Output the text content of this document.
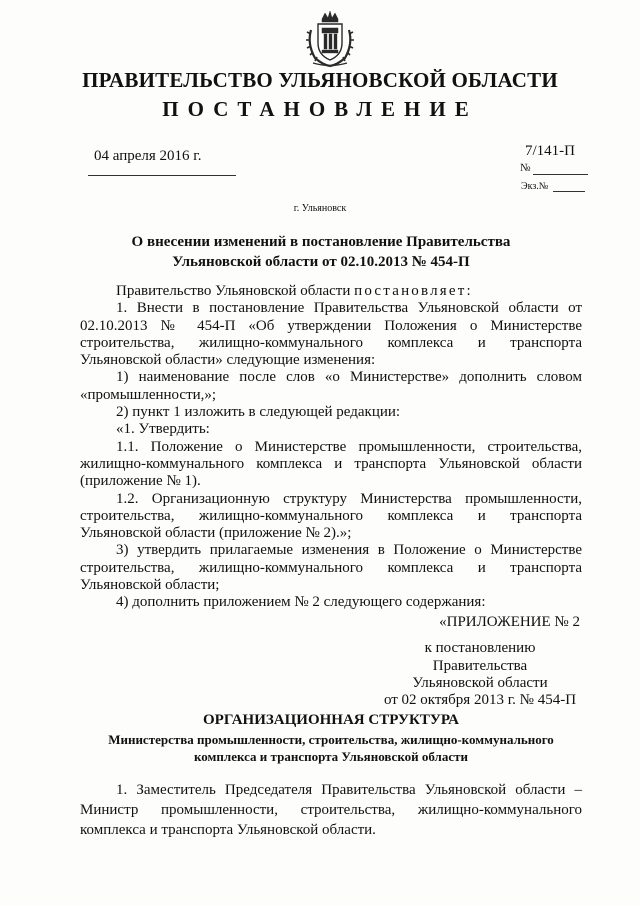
ПРАВИТЕЛЬСТВО УЛЬЯНОВСКОЙ ОБЛАСТИ
ПОСТАНОВЛЕНИЕ
04 апреля 2016 г.	7/141-П
№
Экз.№
г. Ульяновск
О внесении изменений в постановление Правительства
Ульяновской области от 02.10.2013 № 454-П

Правительство Ульяновской области постановляет:

1. Внести в постановление Правительства Ульяновской области от 02.10.2013 № 454-П «Об утверждении Положения о Министерстве строительства, жилищно-коммунального комплекса и транспорта Ульяновской области» следующие изменения:

1) наименование после слов «о Министерстве» дополнить словом «промышленности,»;

2) пункт 1 изложить в следующей редакции:

«1. Утвердить:

1.1. Положение о Министерстве промышленности, строительства, жилищно-коммунального комплекса и транспорта Ульяновской области (приложение № 1).

1.2. Организационную структуру Министерства промышленности, строительства, жилищно-коммунального комплекса и транспорта Ульяновской области (приложение № 2).»;

3) утвердить прилагаемые изменения в Положение о Министерстве строительства, жилищно-коммунального комплекса и транспорта Ульяновской области;

4) дополнить приложением № 2 следующего содержания:

«ПРИЛОЖЕНИЕ № 2
к постановлению Правительства
Ульяновской области
от 02 октября 2013 г. № 454-П
ОРГАНИЗАЦИОННАЯ СТРУКТУРА
Министерства промышленности, строительства, жилищно-коммунального
комплекса и транспорта Ульяновской области

1. Заместитель Председателя Правительства Ульяновской области – Министр промышленности, строительства, жилищно-коммунального комплекса и транспорта Ульяновской области.
